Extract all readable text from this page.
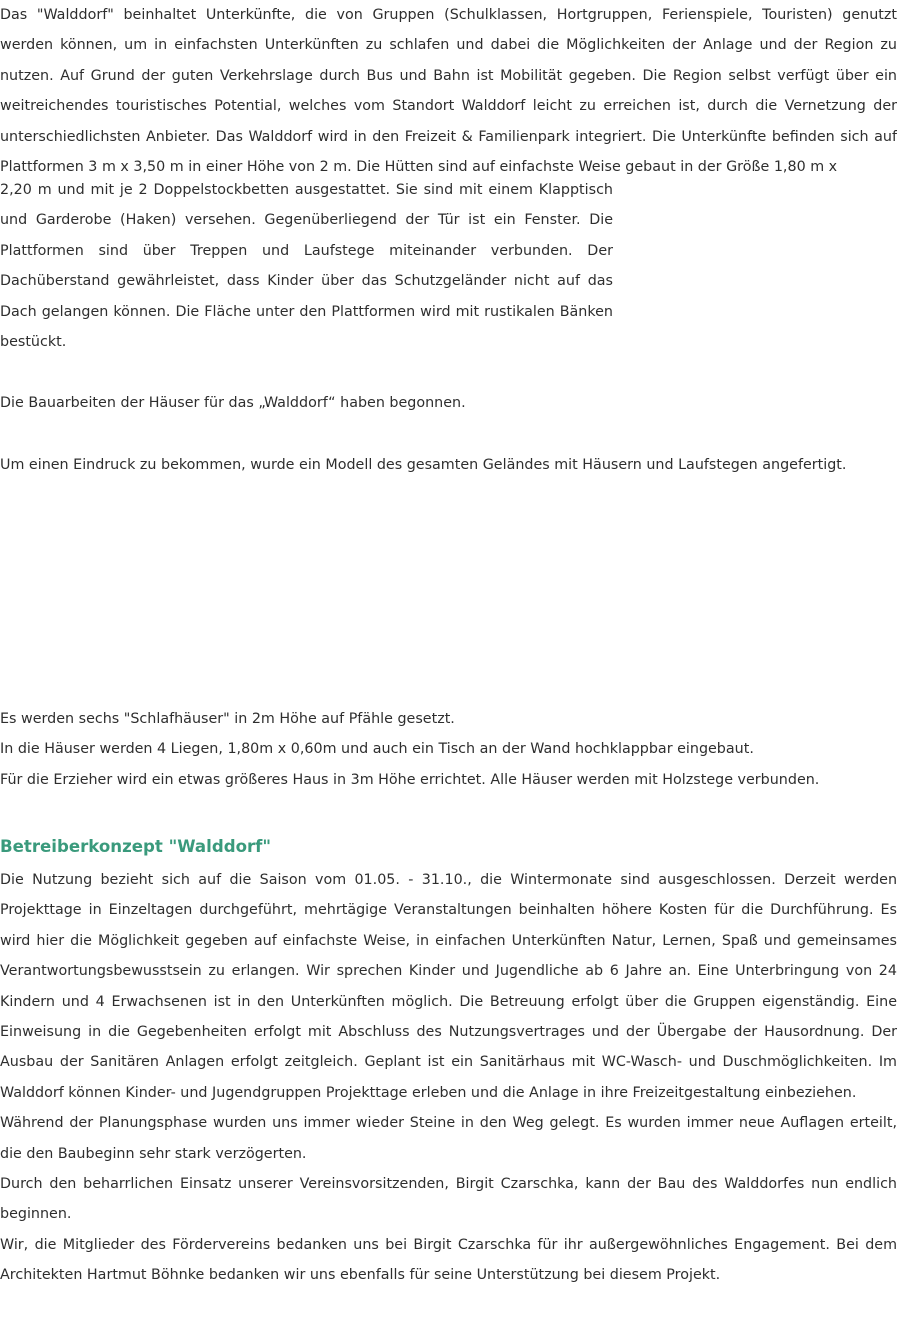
Das "Walddorf" beinhaltet Unterkünfte, die von Gruppen (Schulklassen, Hortgruppen, Ferienspiele, Touristen) genutzt werden können, um in einfachsten Unterkünften zu schlafen und dabei die Möglichkeiten der Anlage und der Region zu nutzen. Auf Grund der guten Verkehrslage durch Bus und Bahn ist Mobilität gegeben. Die Region selbst verfügt über ein weitreichendes touristisches Potential, welches vom Standort Walddorf leicht zu erreichen ist, durch die Vernetzung der unterschiedlichsten Anbieter. Das Walddorf wird in den Freizeit & Familienpark integriert. Die Unterkünfte befinden sich auf Plattformen 3 m x 3,50 m in einer Höhe von 2 m. Die Hütten sind auf einfachste Weise gebaut in der Größe 1,80 m x

2,20 m und mit je 2 Doppelstockbetten ausgestattet. Sie sind mit einem Klapptisch und Garderobe (Haken) versehen. Gegenüberliegend der Tür ist ein Fenster. Die Plattformen sind über Treppen und Laufstege miteinander verbunden. Der Dachüberstand gewährleistet, dass Kinder über das Schutzgeländer nicht auf das Dach gelangen können. Die Fläche unter den Plattformen wird mit rustikalen Bänken bestückt.

Die Bauarbeiten der Häuser für das „Walddorf“ haben begonnen.

Um einen Eindruck zu bekommen, wurde ein Modell des gesamten Geländes mit Häusern und Laufstegen angefertigt.

Es werden sechs "Schlafhäuser" in 2m Höhe auf Pfähle gesetzt.

In die Häuser werden 4 Liegen, 1,80m x 0,60m und auch ein Tisch an der Wand hochklappbar eingebaut.

Für die Erzieher wird ein etwas größeres Haus in 3m Höhe errichtet. Alle Häuser werden mit Holzstege verbunden.

Betreiberkonzept "Walddorf"

Die Nutzung bezieht sich auf die Saison vom 01.05. - 31.10., die Wintermonate sind ausgeschlossen. Derzeit werden Projekttage in Einzeltagen durchgeführt, mehrtägige Veranstaltungen beinhalten höhere Kosten für die Durchführung. Es wird hier die Möglichkeit gegeben auf einfachste Weise, in einfachen Unterkünften Natur, Lernen, Spaß und gemeinsames Verantwortungsbewusstsein zu erlangen. Wir sprechen Kinder und Jugendliche ab 6 Jahre an. Eine Unterbringung von 24 Kindern und 4 Erwachsenen ist in den Unterkünften möglich. Die Betreuung erfolgt über die Gruppen eigenständig. Eine Einweisung in die Gegebenheiten erfolgt mit Abschluss des Nutzungsvertrages und der Übergabe der Hausordnung. Der Ausbau der Sanitären Anlagen erfolgt zeitgleich. Geplant ist ein Sanitärhaus mit WC-Wasch- und Duschmöglichkeiten. Im Walddorf können Kinder- und Jugendgruppen Projekttage erleben und die Anlage in ihre Freizeitgestaltung einbeziehen.

Während der Planungsphase wurden uns immer wieder Steine in den Weg gelegt. Es wurden immer neue Auflagen erteilt, die den Baubeginn sehr stark verzögerten.

Durch den beharrlichen Einsatz unserer Vereinsvorsitzenden, Birgit Czarschka, kann der Bau des Walddorfes nun endlich beginnen.

Wir, die Mitglieder des Fördervereins bedanken uns bei Birgit Czarschka für ihr außergewöhnliches Engagement. Bei dem Architekten Hartmut Böhnke bedanken wir uns ebenfalls für seine Unterstützung bei diesem Projekt.
